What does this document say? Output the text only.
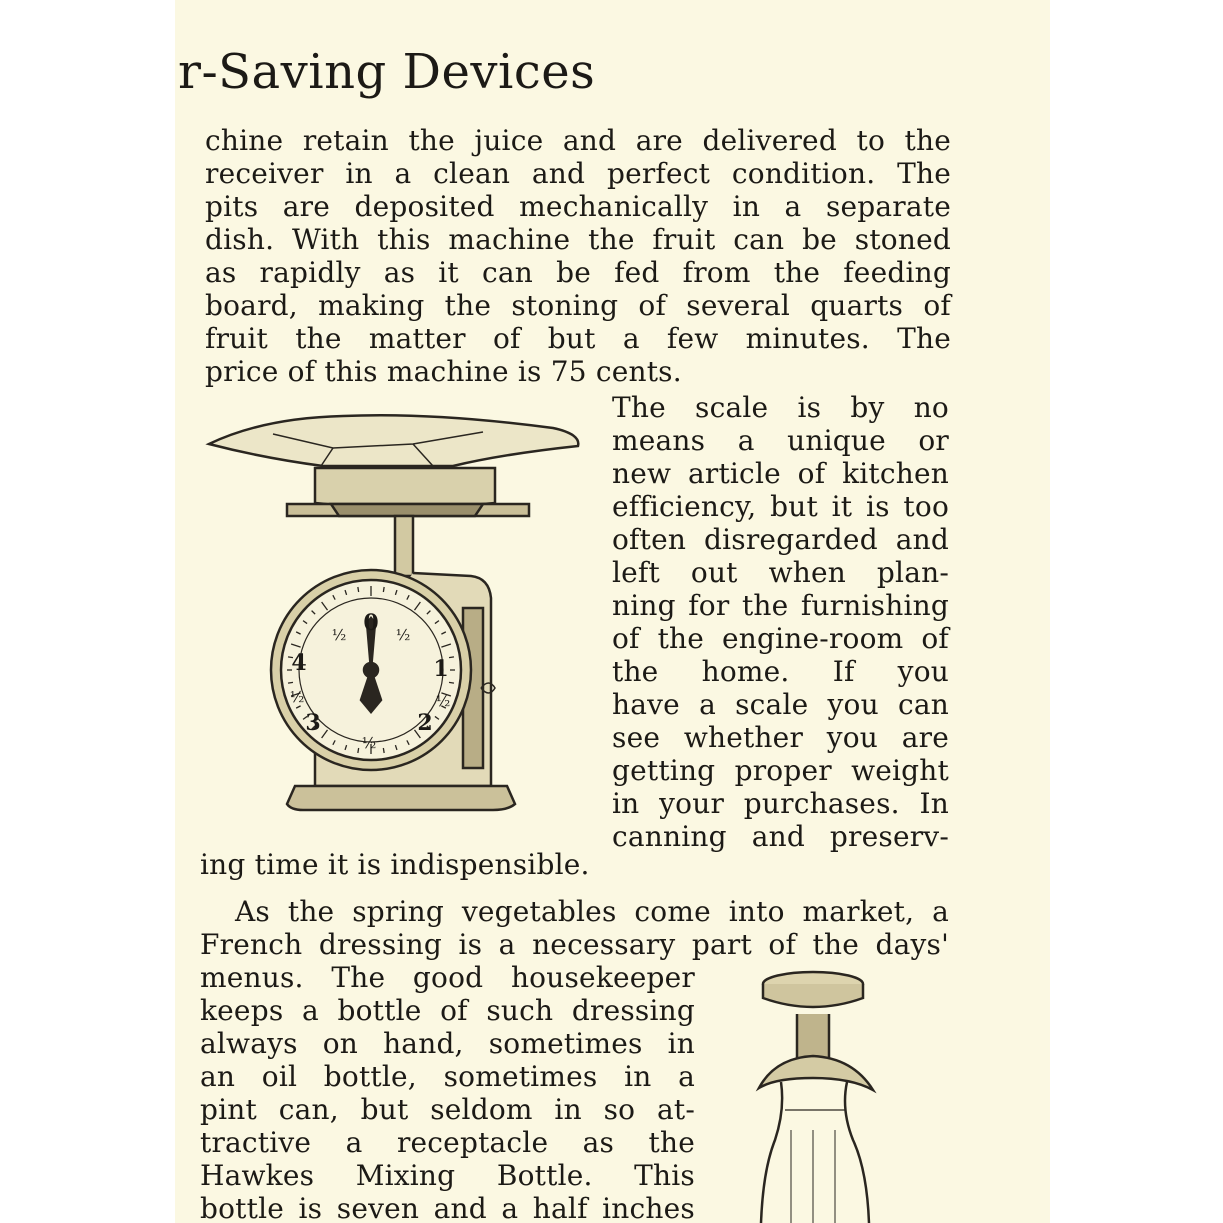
r-Saving Devices
chine retain the juice and are delivered to the
receiver in a clean and perfect condition. The
pits are deposited mechanically in a separate
dish. With this machine the fruit can be stoned
as rapidly as it can be fed from the feeding
board, making the stoning of several quarts of
fruit the matter of but a few minutes. The
price of this machine is 75 cents.
0
1
2
3
4
½
½
½
½
½
The scale is by no
means a unique or
new article of kitchen
efficiency, but it is too
often disregarded and
left out when plan-
ning for the furnishing
of the engine-room of
the home. If you
have a scale you can
see whether you are
getting proper weight
in your purchases. In
canning and preserv-
ing time it is indispensible.
As the spring vegetables come into market, a
French dressing is a necessary part of the days'
menus. The good housekeeper
keeps a bottle of such dressing
always on hand, sometimes in
an oil bottle, sometimes in a
pint can, but seldom in so at-
tractive a receptacle as the
Hawkes Mixing Bottle. This
bottle is seven and a half inches
